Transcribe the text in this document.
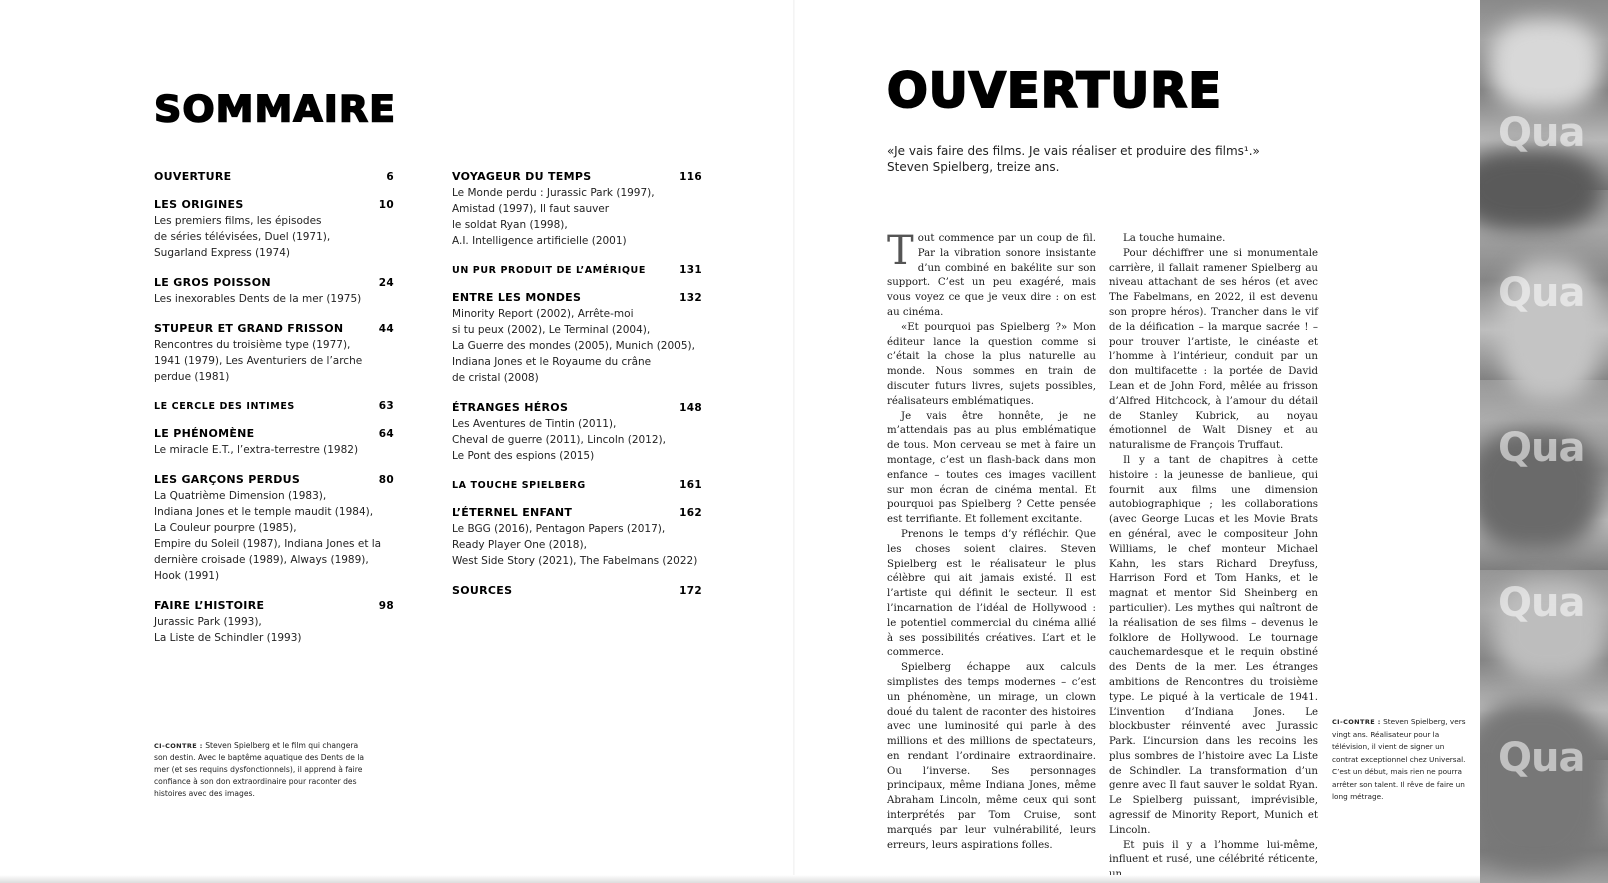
SOMMAIRE
OUVERTURE	6
LES ORIGINES	10
Les premiers films, les épisodes
de séries télévisées, Duel (1971),
Sugarland Express (1974)
LE GROS POISSON	24
Les inexorables Dents de la mer (1975)
STUPEUR ET GRAND FRISSON	44
Rencontres du troisième type (1977),
1941 (1979), Les Aventuriers de l’arche
perdue (1981)
LE CERCLE DES INTIMES	63
LE PHÉNOMÈNE	64
Le miracle E.T., l’extra-terrestre (1982)
LES GARÇONS PERDUS	80
La Quatrième Dimension (1983),
Indiana Jones et le temple maudit (1984),
La Couleur pourpre (1985),
Empire du Soleil (1987), Indiana Jones et la
dernière croisade (1989), Always (1989),
Hook (1991)
FAIRE L’HISTOIRE	98
Jurassic Park (1993),
La Liste de Schindler (1993)
VOYAGEUR DU TEMPS	116
Le Monde perdu : Jurassic Park (1997),
Amistad (1997), Il faut sauver
le soldat Ryan (1998),
A.I. Intelligence artificielle (2001)
UN PUR PRODUIT DE L’AMÉRIQUE	131
ENTRE LES MONDES	132
Minority Report (2002), Arrête-moi
si tu peux (2002), Le Terminal (2004),
La Guerre des mondes (2005), Munich (2005),
Indiana Jones et le Royaume du crâne
de cristal (2008)
ÉTRANGES HÉROS	148
Les Aventures de Tintin (2011),
Cheval de guerre (2011), Lincoln (2012),
Le Pont des espions (2015)
LA TOUCHE SPIELBERG	161
L’ÉTERNEL ENFANT	162
Le BGG (2016), Pentagon Papers (2017),
Ready Player One (2018),
West Side Story (2021), The Fabelmans (2022)
SOURCES	172
CI-CONTRE : Steven Spielberg et le film qui changera son destin. Avec le baptême aquatique des Dents de la mer (et ses requins dysfonctionnels), il apprend à faire confiance à son don extraordinaire pour raconter des histoires avec des images.
OUVERTURE
«Je vais faire des films. Je vais réaliser et produire des films¹.»
Steven Spielberg, treize ans.

Tout commence par un coup de fil. Par la vibration sonore insistante d’un combiné en bakélite sur son support. C’est un peu exagéré, mais vous voyez ce que je veux dire : on est au cinéma.

«Et pourquoi pas Spielberg ?» Mon éditeur lance la question comme si c’était la chose la plus naturelle au monde. Nous sommes en train de discuter futurs livres, sujets possibles, réalisateurs emblématiques.

Je vais être honnête, je ne m’attendais pas au plus emblématique de tous. Mon cerveau se met à faire un montage, c’est un flash-back dans mon enfance – toutes ces images vacillent sur mon écran de cinéma mental. Et pourquoi pas Spielberg ? Cette pensée est terrifiante. Et follement excitante.

Prenons le temps d’y réfléchir. Que les choses soient claires. Steven Spielberg est le réalisateur le plus célèbre qui ait jamais existé. Il est l’artiste qui définit le secteur. Il est l’incarnation de l’idéal de Hollywood : le potentiel commercial du cinéma allié à ses possibilités créatives. L’art et le commerce.

Spielberg échappe aux calculs simplistes des temps modernes – c’est un phénomène, un mirage, un clown doué du talent de raconter des histoires avec une luminosité qui parle à des millions et des millions de spectateurs, en rendant l’ordinaire extraordinaire. Ou l’inverse. Ses personnages principaux, même Indiana Jones, même Abraham Lincoln, même ceux qui sont interprétés par Tom Cruise, sont marqués par leur vulnérabilité, leurs erreurs, leurs aspirations folles.

La touche humaine.

Pour déchiffrer une si monumentale carrière, il fallait ramener Spielberg au niveau attachant de ses héros (et avec The Fabelmans, en 2022, il est devenu son propre héros). Trancher dans le vif de la déification – la marque sacrée ! – pour trouver l’artiste, le cinéaste et l’homme à l’intérieur, conduit par un don multifacette : la portée de David Lean et de John Ford, mêlée au frisson d’Alfred Hitchcock, à l’amour du détail de Stanley Kubrick, au noyau émotionnel de Walt Disney et au naturalisme de François Truffaut.

Il y a tant de chapitres à cette histoire : la jeunesse de banlieue, qui fournit aux films une dimension autobiographique ; les collaborations (avec George Lucas et les Movie Brats en général, avec le compositeur John Williams, le chef monteur Michael Kahn, les stars Richard Dreyfuss, Harrison Ford et Tom Hanks, et le magnat et mentor Sid Sheinberg en particulier). Les mythes qui naîtront de la réalisation de ses films – devenus le folklore de Hollywood. Le tournage cauchemardesque et le requin obstiné des Dents de la mer. Les étranges ambitions de Rencontres du troisième type. Le piqué à la verticale de 1941. L’invention d’Indiana Jones. Le blockbuster réinventé avec Jurassic Park. L’incursion dans les recoins les plus sombres de l’histoire avec La Liste de Schindler. La transformation d’un genre avec Il faut sauver le soldat Ryan. Le Spielberg puissant, imprévisible, agressif de Minority Report, Munich et Lincoln.

Et puis il y a l’homme lui-même, influent et rusé, une célébrité réticente,

CI-CONTRE : Steven Spielberg, vers vingt ans. Réalisateur pour la télévision, il vient de signer un contrat exceptionnel chez Universal. C’est un début, mais rien ne pourra arrêter son talent. Il rêve de faire un long métrage.
Qua
Qua
Qua
Qua
Qua
